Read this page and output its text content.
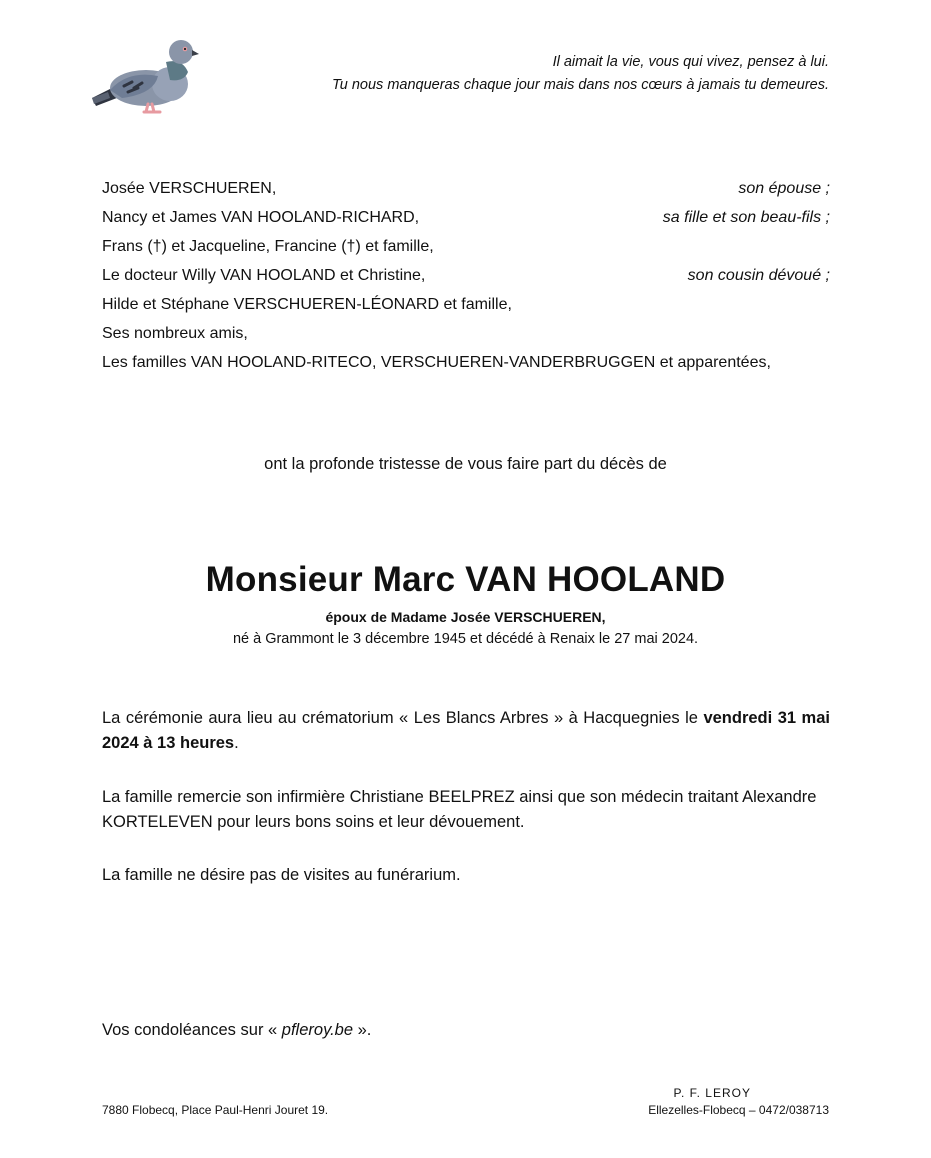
Il aimait la vie, vous qui vivez, pensez à lui.
Tu nous manqueras chaque jour mais dans nos cœurs à jamais tu demeures.
Josée VERSCHUEREN,	son épouse ;
Nancy et James VAN HOOLAND-RICHARD,	sa fille et son beau-fils ;
Frans (†) et Jacqueline, Francine (†) et famille,
Le docteur Willy VAN HOOLAND et Christine,	son cousin dévoué ;
Hilde et Stéphane VERSCHUEREN-LÉONARD et famille,
Ses nombreux amis,
Les familles VAN HOOLAND-RITECO, VERSCHUEREN-VANDERBRUGGEN et apparentées,
ont la profonde tristesse de vous faire part du décès de
Monsieur Marc VAN HOOLAND
époux de Madame Josée VERSCHUEREN,
né à Grammont le 3 décembre 1945 et décédé à Renaix le 27 mai 2024.
La cérémonie aura lieu au crématorium « Les Blancs Arbres » à Hacquegnies le vendredi 31 mai 2024 à 13 heures.
La famille remercie son infirmière Christiane BEELPREZ ainsi que son médecin traitant Alexandre KORTELEVEN pour leurs bons soins et leur dévouement.
La famille ne désire pas de visites au funérarium.
Vos condoléances sur « pfleroy.be ».
7880 Flobecq, Place Paul-Henri Jouret 19.
P. F. LEROY
Ellezelles-Flobecq – 0472/038713
